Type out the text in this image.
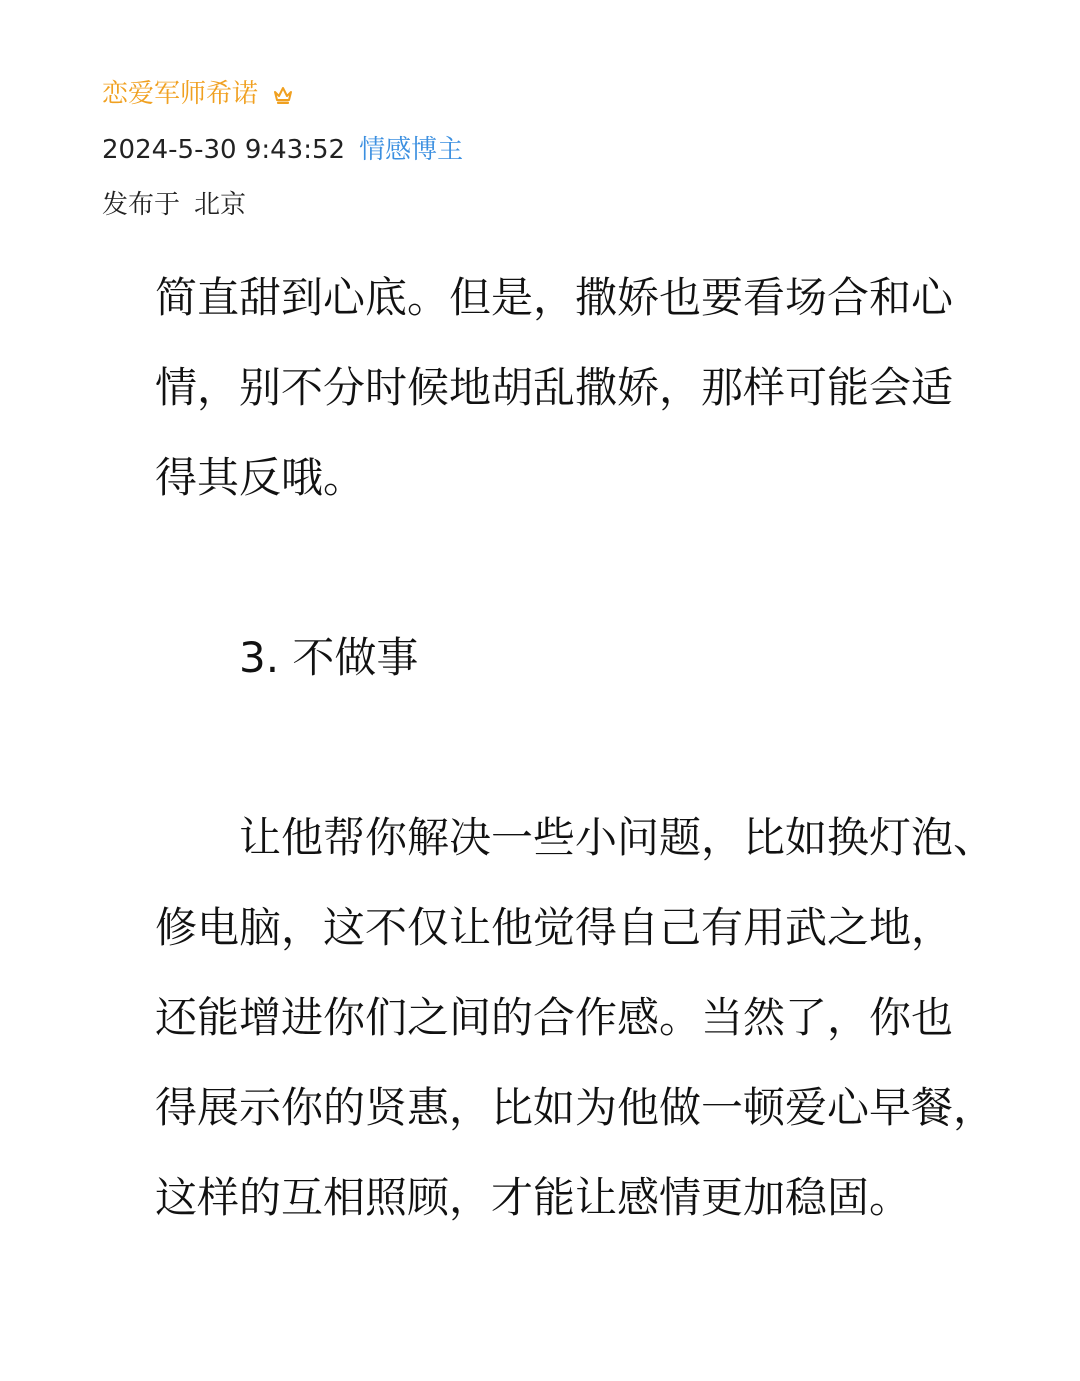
恋爱军师希诺
2024-5-30 9:43:52 情感博主
发布于 北京

简直甜到心底。但是，撒娇也要看场合和心
情，别不分时候地胡乱撒娇，那样可能会适
得其反哦。

3. 不做事

让他帮你解决一些小问题，比如换灯泡、
修电脑，这不仅让他觉得自己有用武之地，
还能增进你们之间的合作感。当然了，你也
得展示你的贤惠，比如为他做一顿爱心早餐，
这样的互相照顾，才能让感情更加稳固。
